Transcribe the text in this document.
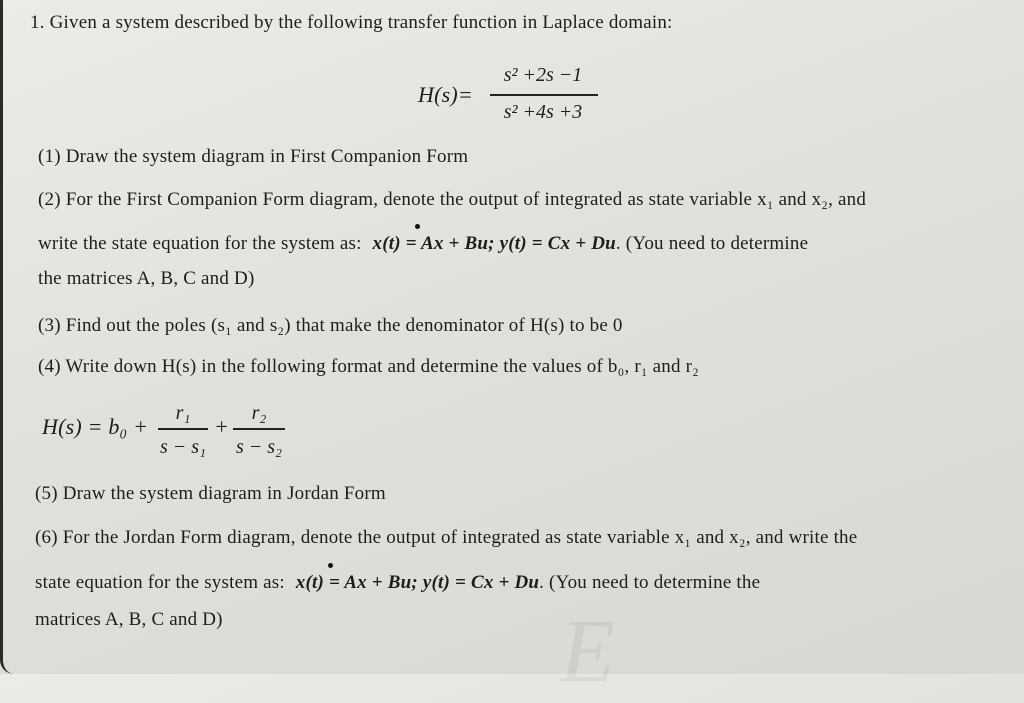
1. Given a system described by the following transfer function in Laplace domain:
H(s)=
s² +2s −1
s² +4s +3
(1) Draw the system diagram in First Companion Form
(2) For the First Companion Form diagram, denote the output of integrated as state variable x₁ and x₂, and
write the state equation for the system as: x(t) = Ax + Bu; y(t) = Cx + Du. (You need to determine
the matrices A, B, C and D)
(3) Find out the poles (s₁ and s₂) that make the denominator of H(s) to be 0
(4) Write down H(s) in the following format and determine the values of b₀, r₁ and r₂
H(s) = b₀ +
r₁
s − s₁
+
r₂
s − s₂
(5) Draw the system diagram in Jordan Form
(6) For the Jordan Form diagram, denote the output of integrated as state variable x₁ and x₂, and write the
state equation for the system as: x(t) = Ax + Bu; y(t) = Cx + Du. (You need to determine the
matrices A, B, C and D)	E
